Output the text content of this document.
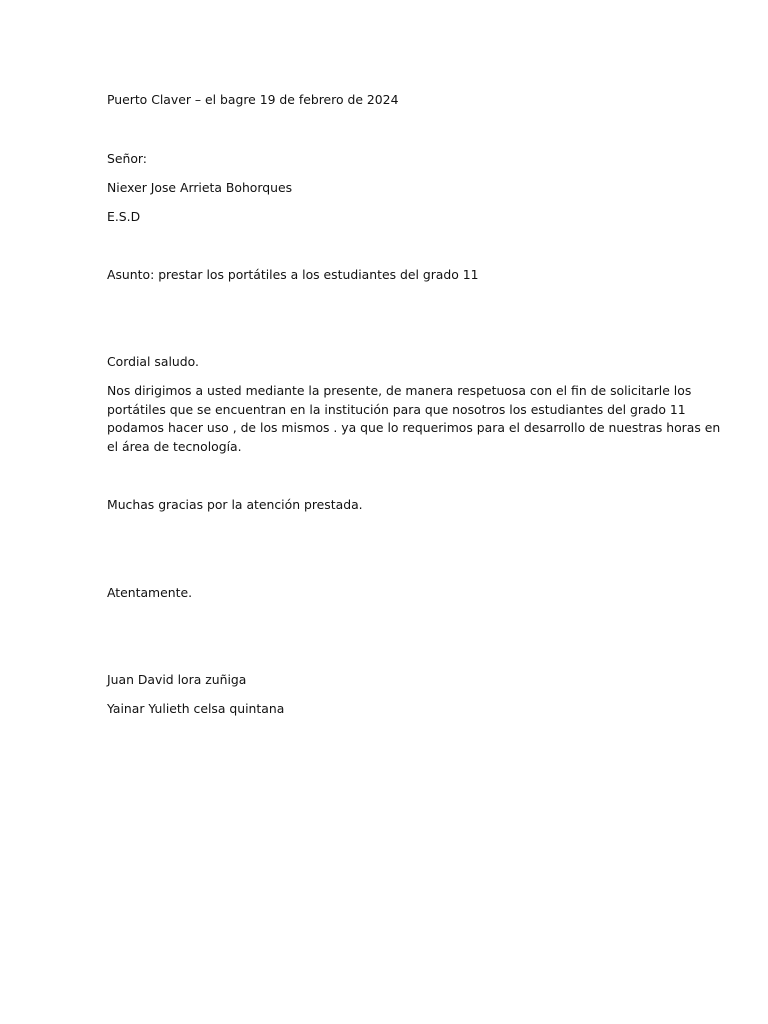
Puerto Claver – el bagre 19 de febrero de 2024
Señor:
Niexer Jose Arrieta Bohorques
E.S.D
Asunto: prestar los portátiles a los estudiantes del grado 11
Cordial saludo.
Nos dirigimos a usted mediante la presente, de manera respetuosa con el fin de solicitarle los
portátiles que se encuentran en la institución para que nosotros los estudiantes del grado 11
podamos hacer uso , de los mismos . ya que lo requerimos para el desarrollo de nuestras horas en
el área de tecnología.
Muchas gracias por la atención prestada.
Atentamente.
Juan David lora zuñiga
Yainar Yulieth celsa quintana
